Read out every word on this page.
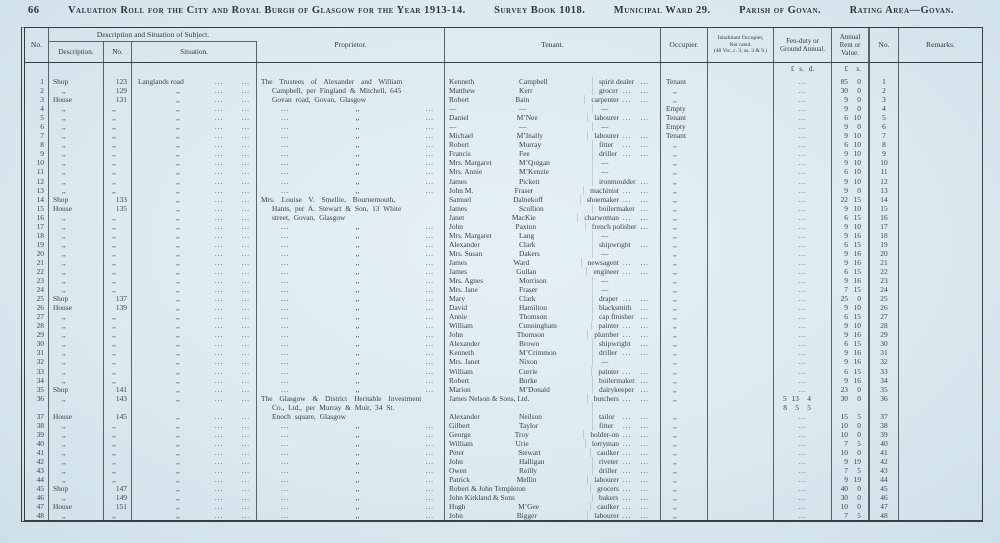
66	Valuation Roll for the City and Royal Burgh of Glasgow for the Year 1913-14.	Survey Book 1018.	Municipal Ward 29.	Parish of Govan.	Rating Area—Govan.
No.
Description and Situation of Subject.
Description.	No.	Situation.
Proprietor.	Tenant.	Occupier.
Inhabitant Occupier,
Not rated.
(48 Vic, c. 3, ss. 3 & 9.)
Feu-duty or Ground Annual.
Annual Rent or Value.
No.	Remarks.
£ s. d.	£	s.
1	Shop	123	Langlands road	... ...	The Trustees of Alexander and William	Kenneth	Campbell	spirit dealer ...	Tenant	...	85	0	1
2	,,	129	,,	... ...	Campbell, per Fingland & Mitchell, 645	Matthew	Kerr	grocer ... ...	,,	...	30	0	2
3	House	131	,,	... ...	Govan road, Govan, Glasgow	Robert	Bain	carpenter ... ...	,,	...	9	0	3
4	,,	,,	,,	... ...	...	,,	...	—	—	—	Empty	...	9	0	4
5	,,	,,	,,	... ...	...	,,	...	Daniel	M’Nee	labourer ... ...	Tenant	...	6 10	5
6	,,	,,	,,	... ...	...	,,	...	—	—	—	Empty	...	9	0	6
7	,,	,,	,,	... ...	...	,,	...	Michael	M’Inally	labourer ... ...	Tenant	...	9 10	7
8	,,	,,	,,	... ...	...	,,	...	Robert	Murray	fitter	... ...	,,	...	6 10	8
9	,,	,,	,,	... ...	...	,,	...	Francis	Fee	driller ... ...	,,	...	9 10	9
10	,,	,,	,,	... ...	...	,,	...	Mrs. Margaret	M’Quigan	—	,,	...	9 10	10
11	,,	,,	,,	... ...	...	,,	...	Mrs. Annie	M’Kenzie	—	,,	...	6 10	11
12	,,	,,	,,	... ...	...	,,	...	James	Pickett	ironmoulder ...	,,	...	9 10	12
13	,,	,,	,,	... ...	...	,,	...	John M.	Fraser	machinist ... ...	,,	...	9	0	13
14	Shop	133	,,	... ...	Mrs. Louise V. Smellie, Bournemouth,	Samuel	Dalnekoff	shoemaker ... ...	,,	...	22 15	14
15	House	135	,,	... ...	Hants, per A. Stewart & Son, 13 White	James	Scullion	boilermaker ...	,,	...	9 10	15
16	,,	,,	,,	... ...	street, Govan, Glasgow	Janet	MacKie	charwoman ... ...	,,	...	6 15	16
17	,,	,,	,,	... ...	...	,,	...	John	Paxton	french polisher ...	,,	...	9 10	17
18	,,	,,	,,	... ...	...	,,	...	Mrs. Margaret	Lang	—	,,	...	9 16	18
19	,,	,,	,,	... ...	...	,,	...	Alexander	Clark	shipwright	...	,,	...	6 15	19
20	,,	,,	,,	... ...	...	,,	...	Mrs. Susan	Dakers	—	,,	...	9 16	20
21	,,	,,	,,	... ...	...	,,	...	James	Ward	newsagent ... ...	,,	...	9 16	21
22	,,	,,	,,	... ...	...	,,	...	James	Gullan	engineer ... ...	,,	...	6 15	22
23	,,	,,	,,	... ...	...	,,	...	Mrs. Agnes	Morrison	—	,,	...	9 16	23
24	,,	,,	,,	... ...	...	,,	...	Mrs. Jane	Fraser	—	,,	...	7 15	24
25	Shop	137	,,	... ...	...	,,	...	Mary	Clark	draper ... ...	,,	...	25	0	25
26	House	139	,,	... ...	...	,,	...	David	Hamilton	blacksmith	...	,,	...	9 10	26
27	,,	,,	,,	... ...	...	,,	...	Annie	Thomson	cap finisher ...	,,	...	6 15	27
28	,,	,,	,,	... ...	...	,,	...	William	Cunningham	painter ... ...	,,	...	9 10	28
29	,,	,,	,,	... ...	...	,,	...	John	Thomson	plumber ... ...	,,	...	9 16	29
30	,,	,,	,,	... ...	...	,,	...	Alexander	Brown	shipwright	...	,,	...	6 15	30
31	,,	,,	,,	... ...	...	,,	...	Kenneth	M’Crimmon	driller ... ...	,,	...	9 16	31
32	,,	,,	,,	... ...	...	,,	...	Mrs. Janet	Nixon	—	,,	...	9 16	32
33	,,	,,	,,	... ...	...	,,	...	William	Currie	painter ... ...	,,	...	6 15	33
34	,,	,,	,,	... ...	...	,,	...	Robert	Burke	boilermaker ...	,,	...	9 16	34
35	Shop	141	,,	... ...	...	,,	...	Marion	M’Donald	dairykeeper ...	,,	...	23	0	35
36	,,	143	,,	... ...	The Glasgow & District Heritable Investment	James Nelson & Sons, Ltd.	butchers ... ...	,,	5 13	4	30	0	36
Co., Ltd., per Murray & Muir, 34 St.	8	5	5
37	House	145	,,	... ...	Enoch square, Glasgow	Alexander	Neilson	tailor	... ...	,,	...	15	5	37
38	,,	,,	,,	... ...	...	,,	...	Gilbert	Taylor	fitter	... ...	,,	...	10	0	38
39	,,	,,	,,	... ...	...	,,	...	George	Troy	holder-on ... ...	,,	...	10	0	39
40	,,	,,	,,	... ...	...	,,	...	William	Urie	lorryman ... ...	,,	...	7	5	40
41	,,	,,	,,	... ...	...	,,	...	Peter	Stewart	caulker ... ...	,,	...	10	0	41
42	,,	,,	,,	... ...	...	,,	...	John	Halligan	riveter ... ...	,,	...	9 19	42
43	,,	,,	,,	... ...	...	,,	...	Owen	Reilly	driller ... ...	,,	...	7	5	43
44	,,	,,	,,	... ...	...	,,	...	Patrick	Mellin	labourer ... ...	,,	...	9 19	44
45	Shop	147	,,	... ...	...	,,	...	Robert & John Templeton	grocers ... ...	,,	...	40	0	45
46	,,	149	,,	... ...	...	,,	...	John Kirkland & Sons	bakers ... ...	,,	...	30	0	46
47	House	151	,,	... ...	...	,,	...	Hugh	M’Gee	caulker ... ...	,,	...	10	0	47
48	,,	,,	,,	... ...	...	,,	...	John	Bigger	labourer ... ...	,,	...	7	5	48
